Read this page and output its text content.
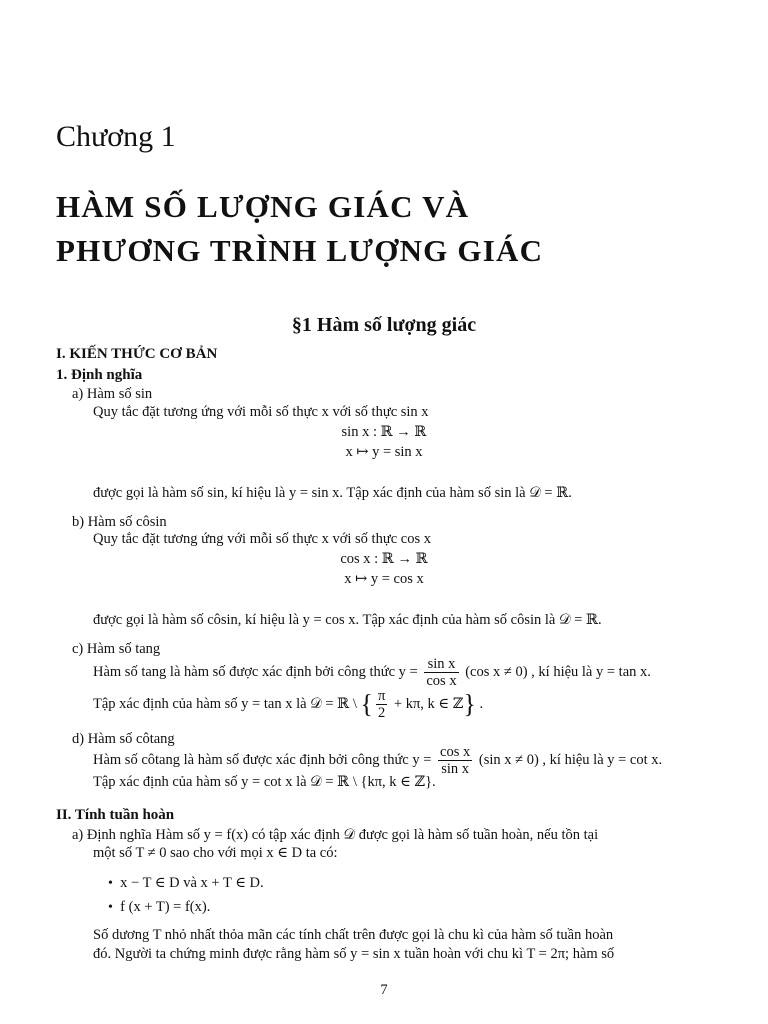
Chương 1
HÀM SỐ LƯỢNG GIÁC VÀ
PHƯƠNG TRÌNH LƯỢNG GIÁC
§1 Hàm số lượng giác
I. KIẾN THỨC CƠ BẢN
1. Định nghĩa
a) Hàm số sin
Quy tắc đặt tương ứng với mỗi số thực x với số thực sin x
sin x : ℝ → ℝ
x ↦ y = sin x
được gọi là hàm số sin, kí hiệu là y = sin x. Tập xác định của hàm số sin là 𝒟 = ℝ.
b) Hàm số côsin
Quy tắc đặt tương ứng với mỗi số thực x với số thực cos x
cos x : ℝ → ℝ
x ↦ y = cos x
được gọi là hàm số côsin, kí hiệu là y = cos x. Tập xác định của hàm số côsin là 𝒟 = ℝ.
c) Hàm số tang
Hàm số tang là hàm số được xác định bởi công thức $y = \frac{\text{sin x}}{\text{cos x}} (\cos$ x ≠ 0) , kí hiệu là y = tan x.
Tập xác định của hàm số y = tan x là 𝒟 = ℝ \ { $\frac{\pi}{2} + k\pi$, k ∈ ℤ} .
d) Hàm số côtang
Hàm số côtang là hàm số được xác định bởi công thức $y = \frac{\text{cos x}}{\text{sin x}} (\sin$ x ≠ 0) , kí hiệu là y = cot x.
Tập xác định của hàm số y = cot x là 𝒟 = ℝ \ {kπ, k ∈ ℤ}.
II. Tính tuần hoàn
a) Định nghĩa Hàm số y = f(x) có tập xác định 𝒟 được gọi là hàm số tuần hoàn, nếu tồn tại
một số T ≠ 0 sao cho với mọi x ∈ D ta có:
• x − T ∈ D và x + T ∈ D.
• f (x + T) = f(x).
Số dương T nhỏ nhất thỏa mãn các tính chất trên được gọi là chu kì của hàm số tuần hoàn
đó. Người ta chứng minh được rằng hàm số y = sin x tuần hoàn với chu kì T = 2π; hàm số
7
